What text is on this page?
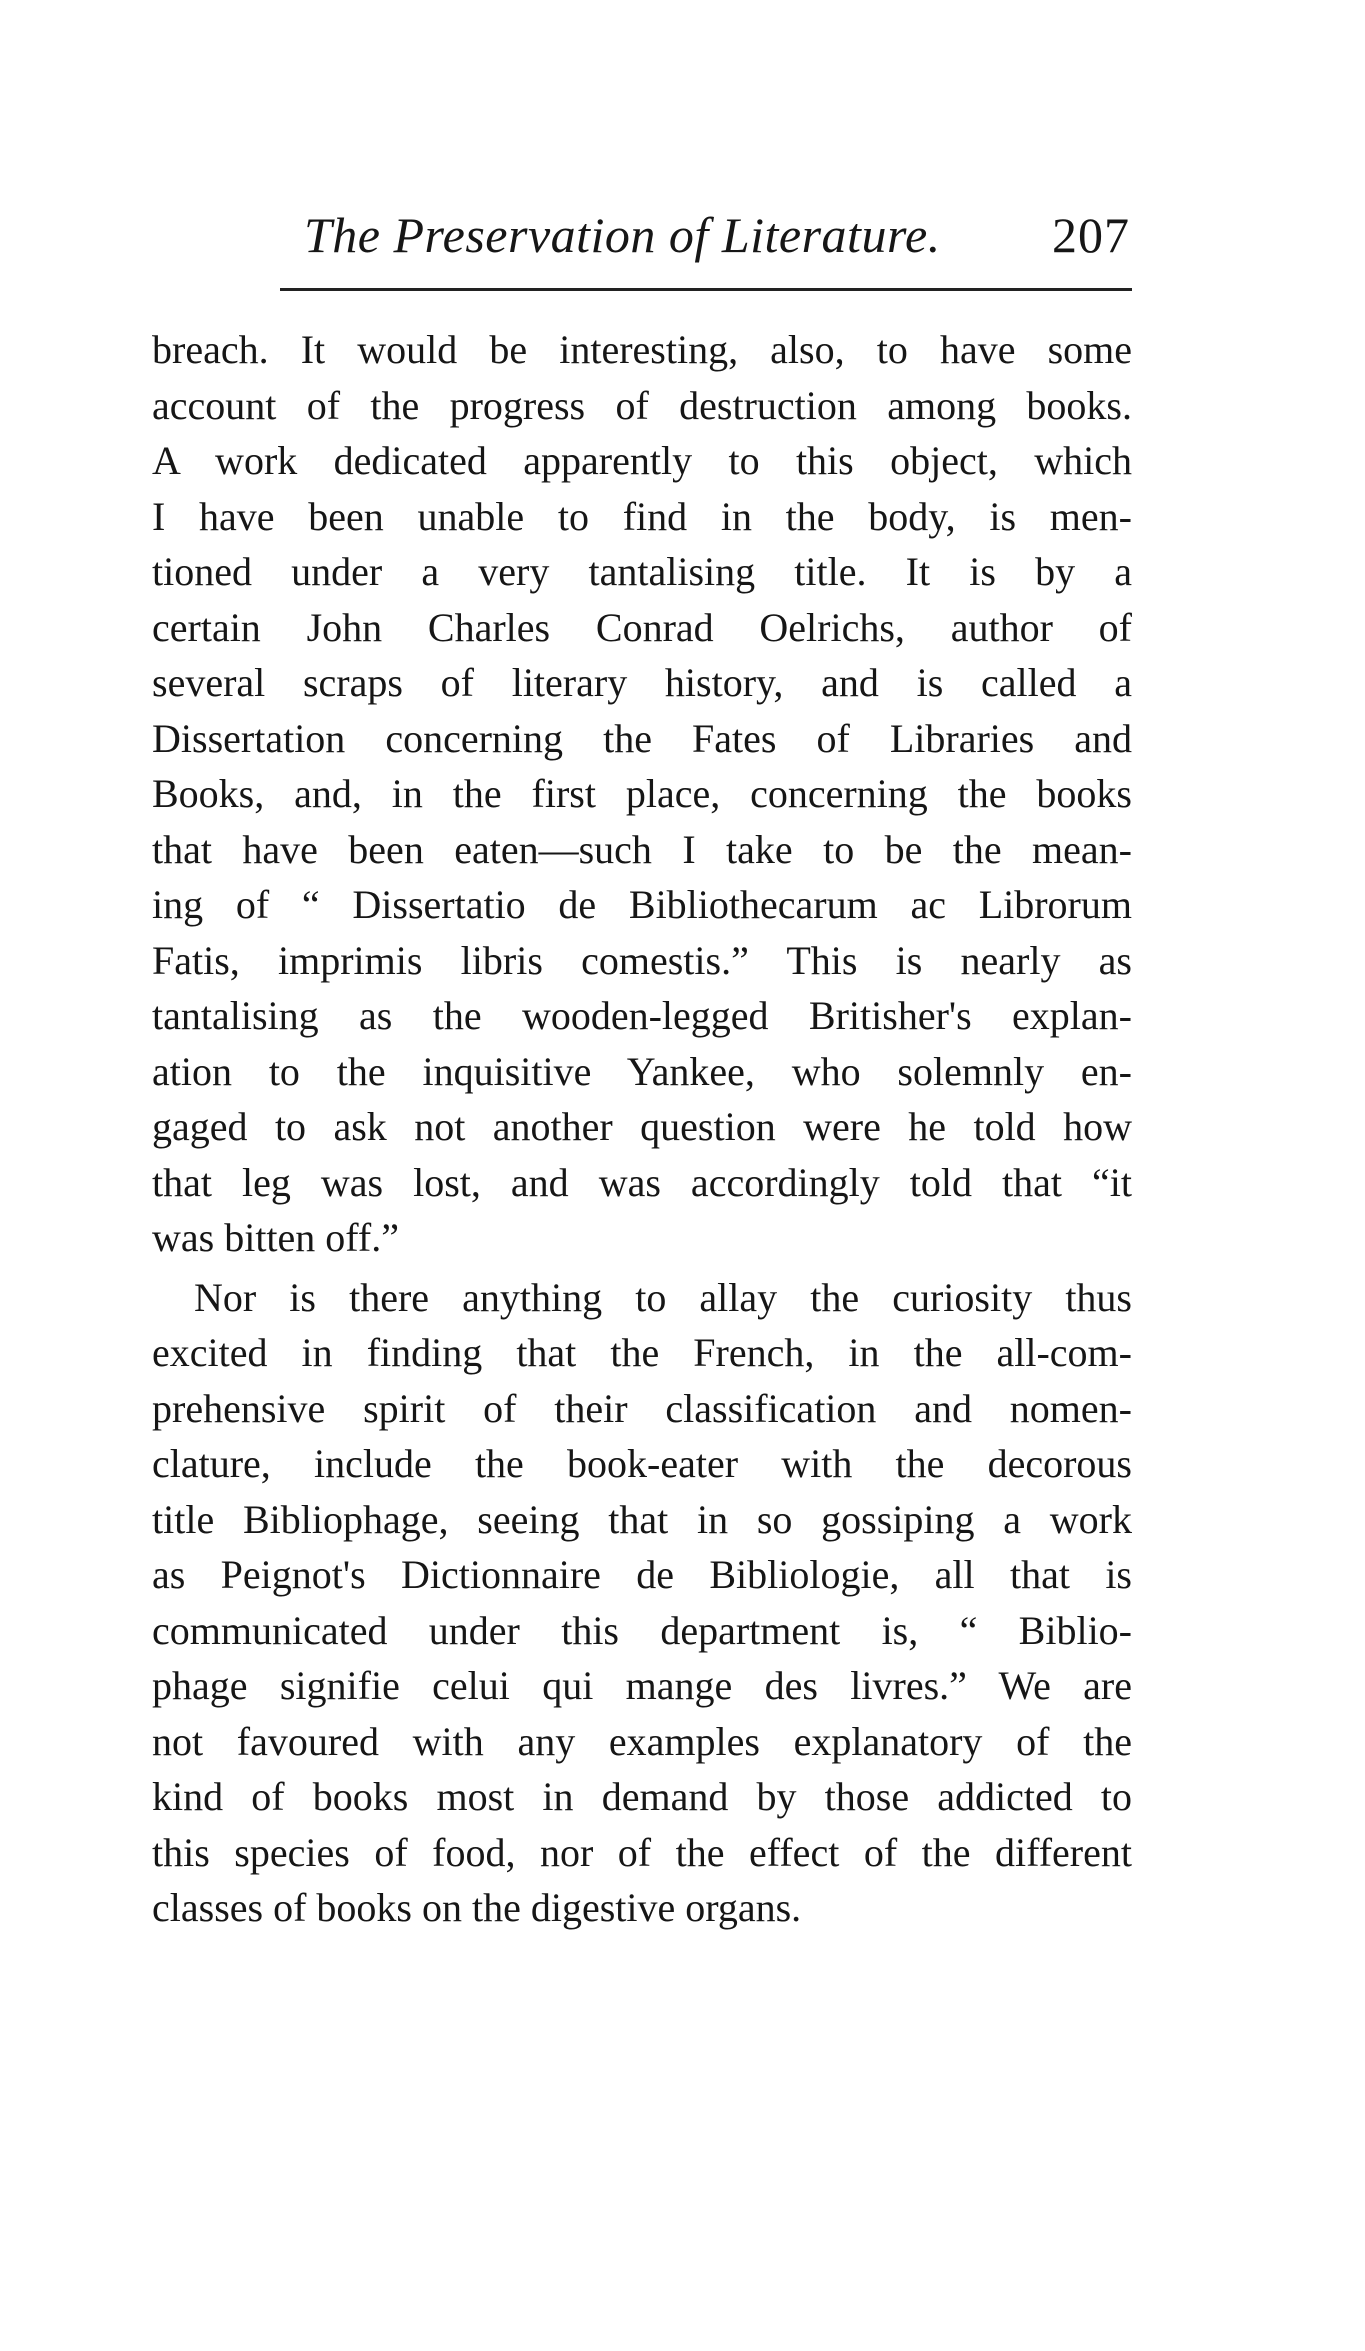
The Preservation of Literature. 207
breach. It would be interesting, also, to have some
account of the progress of destruction among books.
A work dedicated apparently to this object, which
I have been unable to find in the body, is men-
tioned under a very tantalising title. It is by a
certain John Charles Conrad Oelrichs, author of
several scraps of literary history, and is called a
Dissertation concerning the Fates of Libraries and
Books, and, in the first place, concerning the books
that have been eaten—such I take to be the mean-
ing of “ Dissertatio de Bibliothecarum ac Librorum
Fatis, imprimis libris comestis.” This is nearly as
tantalising as the wooden-legged Britisher's explan-
ation to the inquisitive Yankee, who solemnly en-
gaged to ask not another question were he told how
that leg was lost, and was accordingly told that “it
was bitten off.”
Nor is there anything to allay the curiosity thus
excited in finding that the French, in the all-com-
prehensive spirit of their classification and nomen-
clature, include the book-eater with the decorous
title Bibliophage, seeing that in so gossiping a work
as Peignot's Dictionnaire de Bibliologie, all that is
communicated under this department is, “ Biblio-
phage signifie celui qui mange des livres.” We are
not favoured with any examples explanatory of the
kind of books most in demand by those addicted to
this species of food, nor of the effect of the different
classes of books on the digestive organs.
